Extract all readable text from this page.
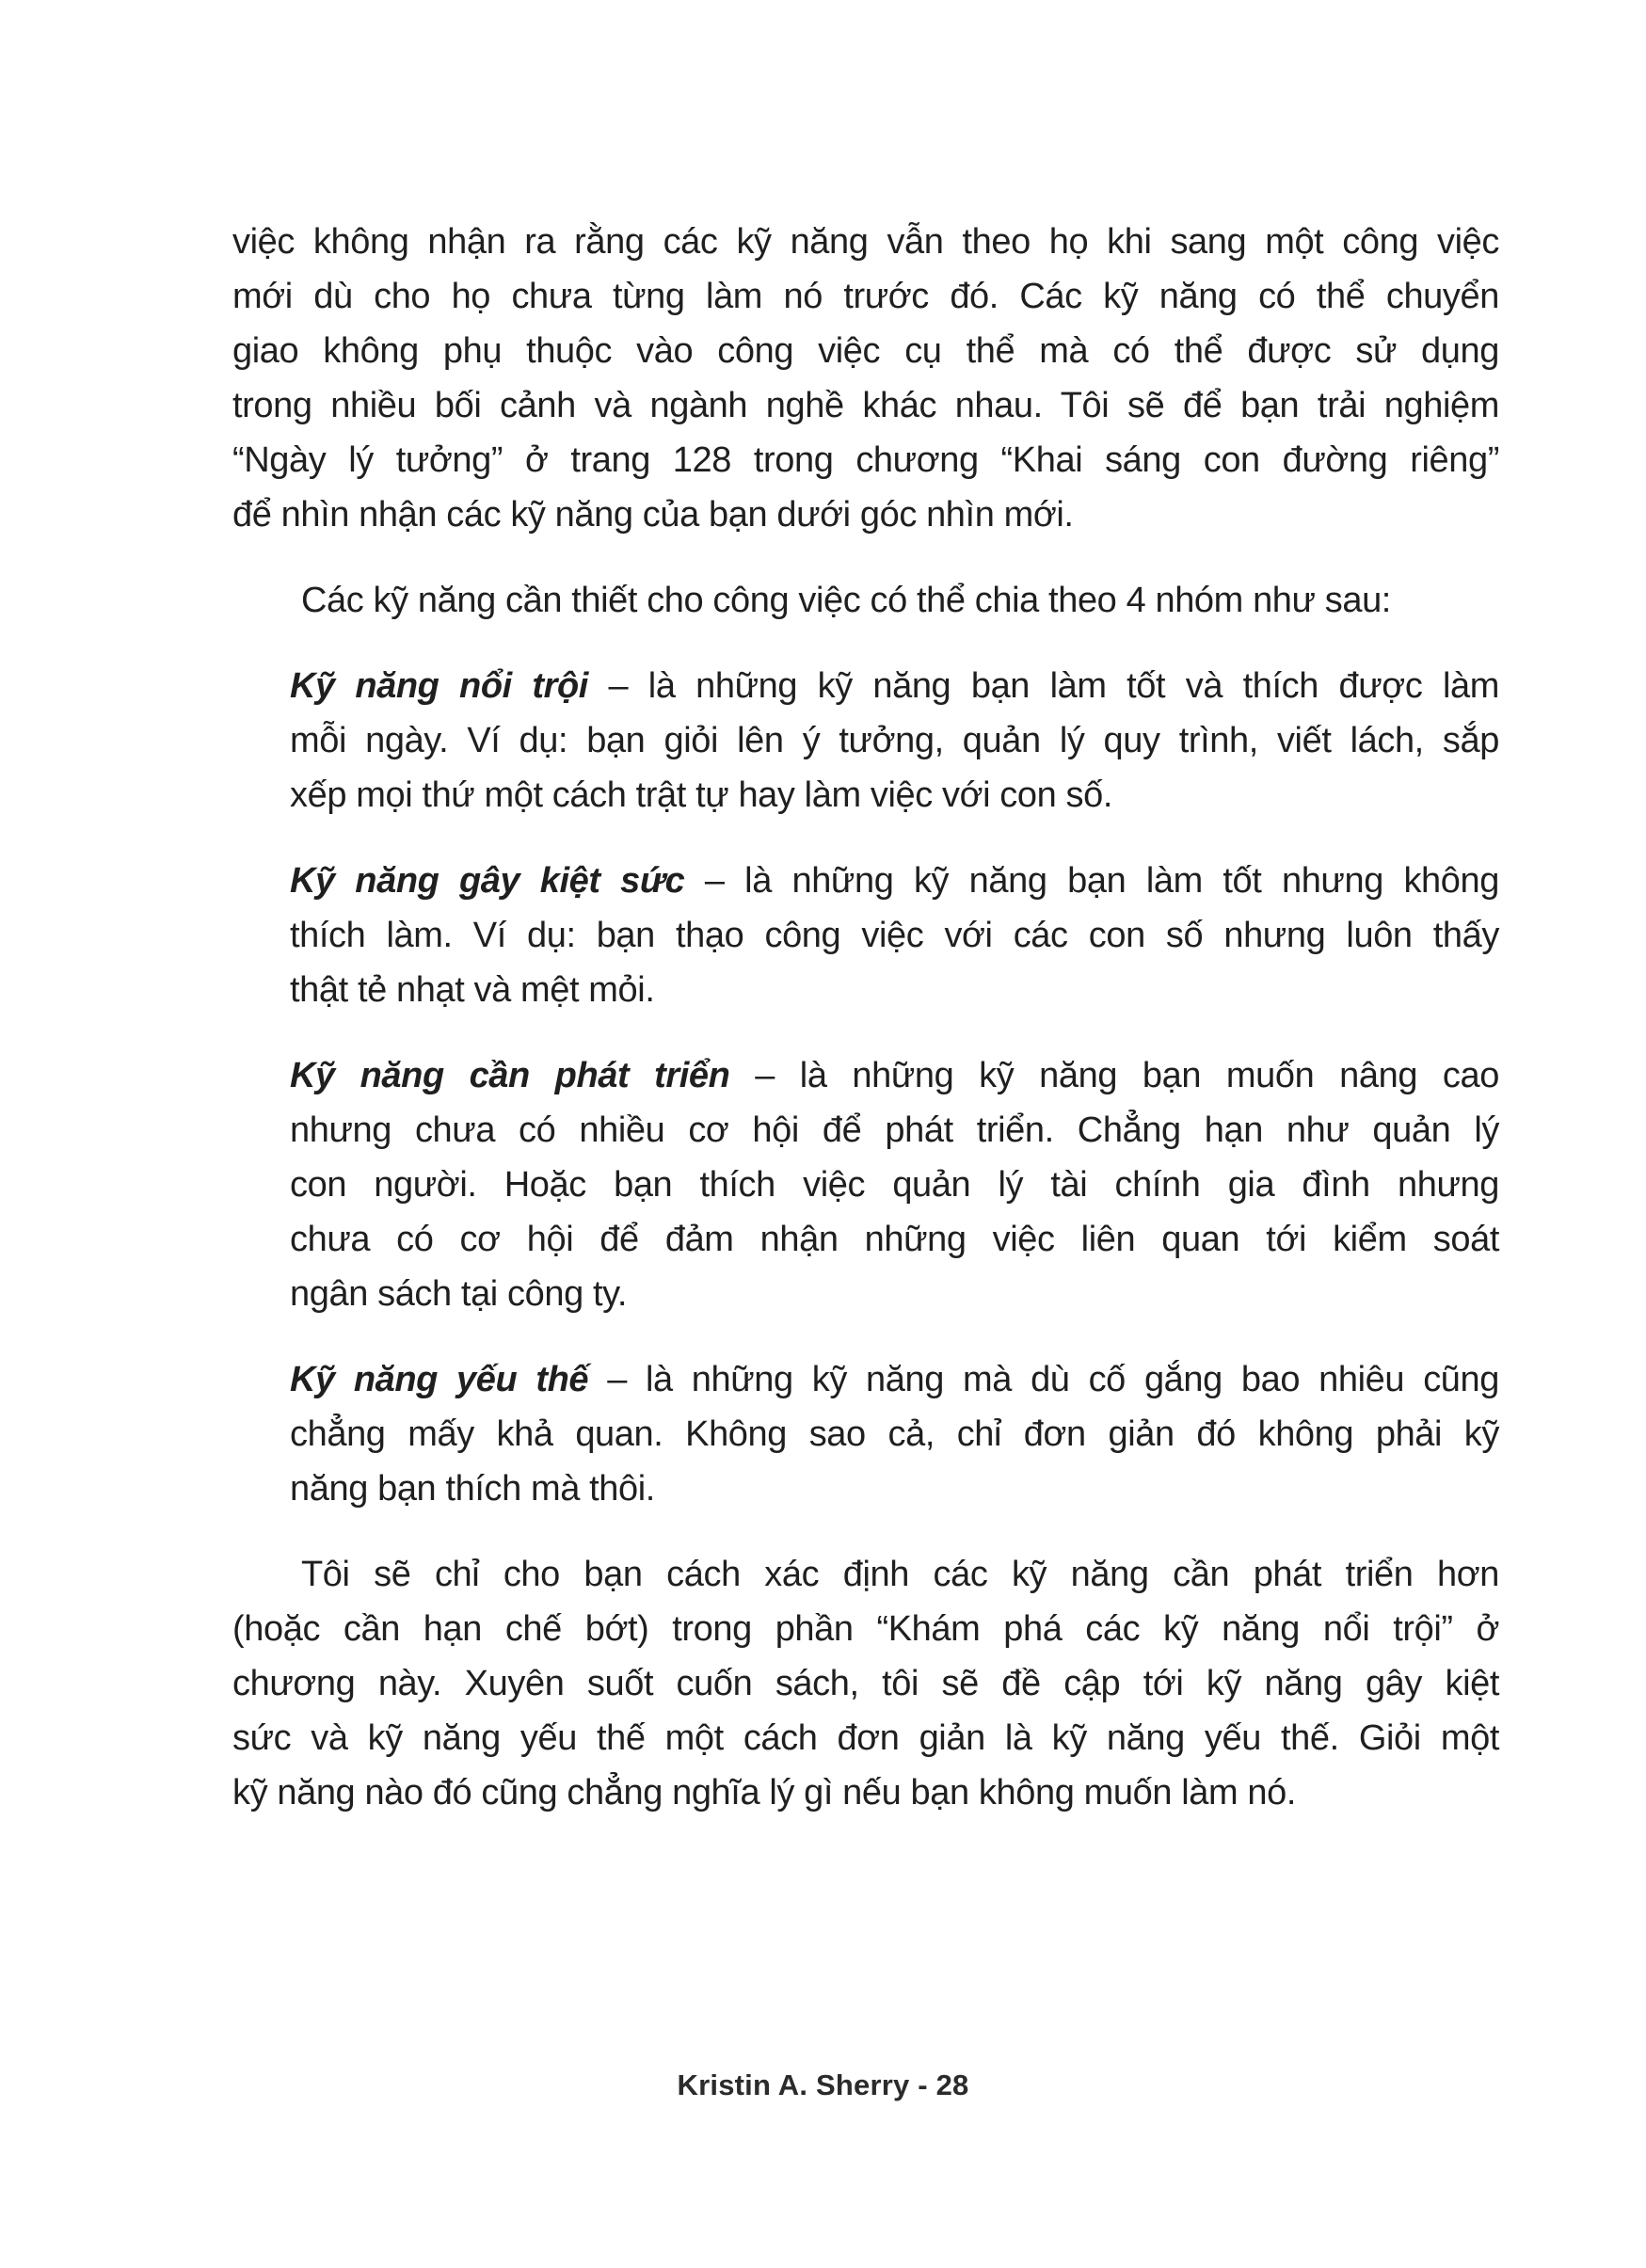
việc không nhận ra rằng các kỹ năng vẫn theo họ khi sang một công việc
mới dù cho họ chưa từng làm nó trước đó. Các kỹ năng có thể chuyển
giao không phụ thuộc vào công việc cụ thể mà có thể được sử dụng
trong nhiều bối cảnh và ngành nghề khác nhau. Tôi sẽ để bạn trải nghiệm
“Ngày lý tưởng” ở trang 128 trong chương “Khai sáng con đường riêng”
để nhìn nhận các kỹ năng của bạn dưới góc nhìn mới.
Các kỹ năng cần thiết cho công việc có thể chia theo 4 nhóm như sau:
Kỹ năng nổi trội – là những kỹ năng bạn làm tốt và thích được làm
mỗi ngày. Ví dụ: bạn giỏi lên ý tưởng, quản lý quy trình, viết lách, sắp
xếp mọi thứ một cách trật tự hay làm việc với con số.
Kỹ năng gây kiệt sức – là những kỹ năng bạn làm tốt nhưng không
thích làm. Ví dụ: bạn thạo công việc với các con số nhưng luôn thấy
thật tẻ nhạt và mệt mỏi.
Kỹ năng cần phát triển – là những kỹ năng bạn muốn nâng cao
nhưng chưa có nhiều cơ hội để phát triển. Chẳng hạn như quản lý
con người. Hoặc bạn thích việc quản lý tài chính gia đình nhưng
chưa có cơ hội để đảm nhận những việc liên quan tới kiểm soát
ngân sách tại công ty.
Kỹ năng yếu thế – là những kỹ năng mà dù cố gắng bao nhiêu cũng
chẳng mấy khả quan. Không sao cả, chỉ đơn giản đó không phải kỹ
năng bạn thích mà thôi.
Tôi sẽ chỉ cho bạn cách xác định các kỹ năng cần phát triển hơn
(hoặc cần hạn chế bớt) trong phần “Khám phá các kỹ năng nổi trội” ở
chương này. Xuyên suốt cuốn sách, tôi sẽ đề cập tới kỹ năng gây kiệt
sức và kỹ năng yếu thế một cách đơn giản là kỹ năng yếu thế. Giỏi một
kỹ năng nào đó cũng chẳng nghĩa lý gì nếu bạn không muốn làm nó.
Kristin A. Sherry - 28
